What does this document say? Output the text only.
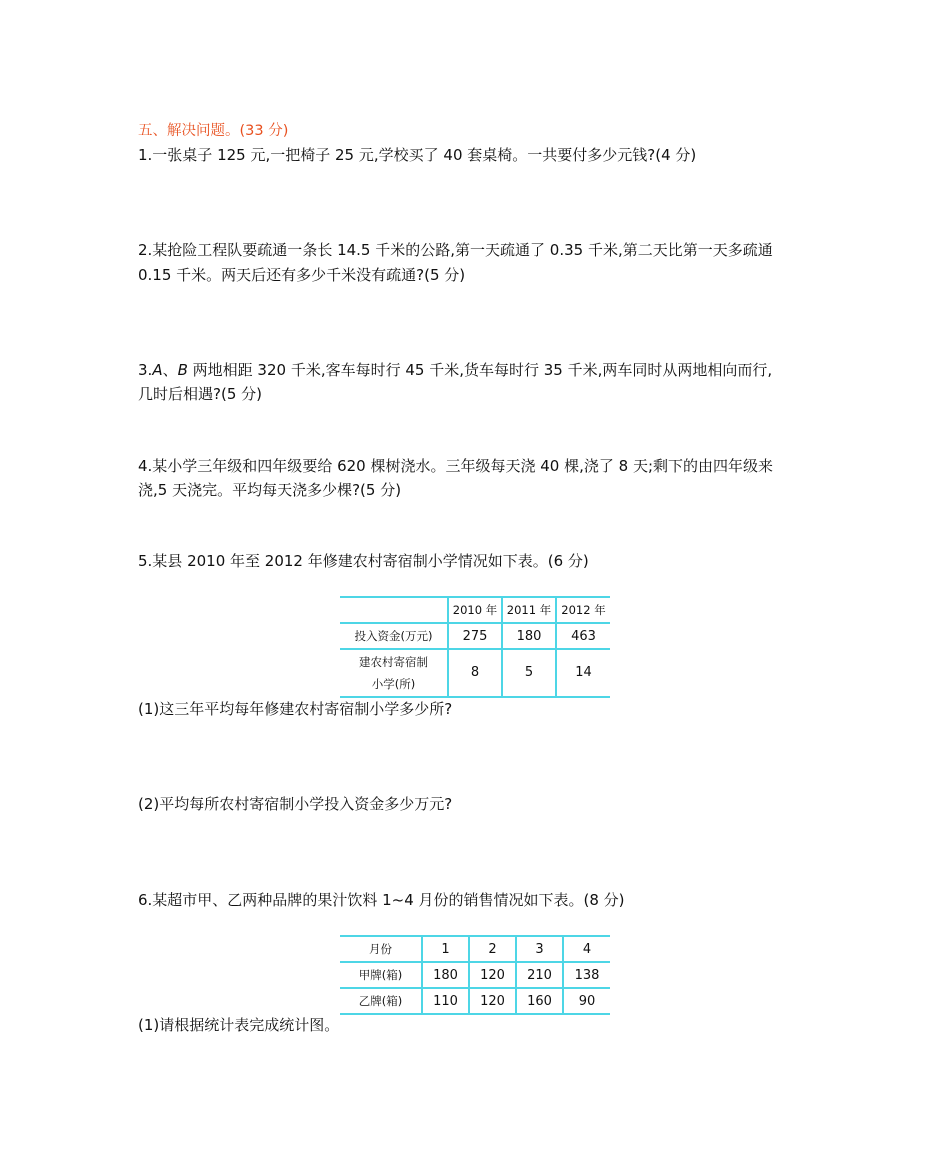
五、解决问题。(33 分)
1.一张桌子 125 元,一把椅子 25 元,学校买了 40 套桌椅。一共要付多少元钱?(4 分)
2.某抢险工程队要疏通一条长 14.5 千米的公路,第一天疏通了 0.35 千米,第二天比第一天多疏通
0.15 千米。两天后还有多少千米没有疏通?(5 分)
3.A、B 两地相距 320 千米,客车每时行 45 千米,货车每时行 35 千米,两车同时从两地相向而行,
几时后相遇?(5 分)
4.某小学三年级和四年级要给 620 棵树浇水。三年级每天浇 40 棵,浇了 8 天;剩下的由四年级来
浇,5 天浇完。平均每天浇多少棵?(5 分)
5.某县 2010 年至 2012 年修建农村寄宿制小学情况如下表。(6 分)
	2010 年	2011 年	2012 年
投入资金(万元)	275	180	463

建农村寄宿制
小学(所)	8	5	14
(1)这三年平均每年修建农村寄宿制小学多少所?
(2)平均每所农村寄宿制小学投入资金多少万元?
6.某超市甲、乙两种品牌的果汁饮料 1~4 月份的销售情况如下表。(8 分)
月份	1	2	3	4
甲牌(箱)	180	120	210	138
乙牌(箱)	110	120	160	90
(1)请根据统计表完成统计图。
